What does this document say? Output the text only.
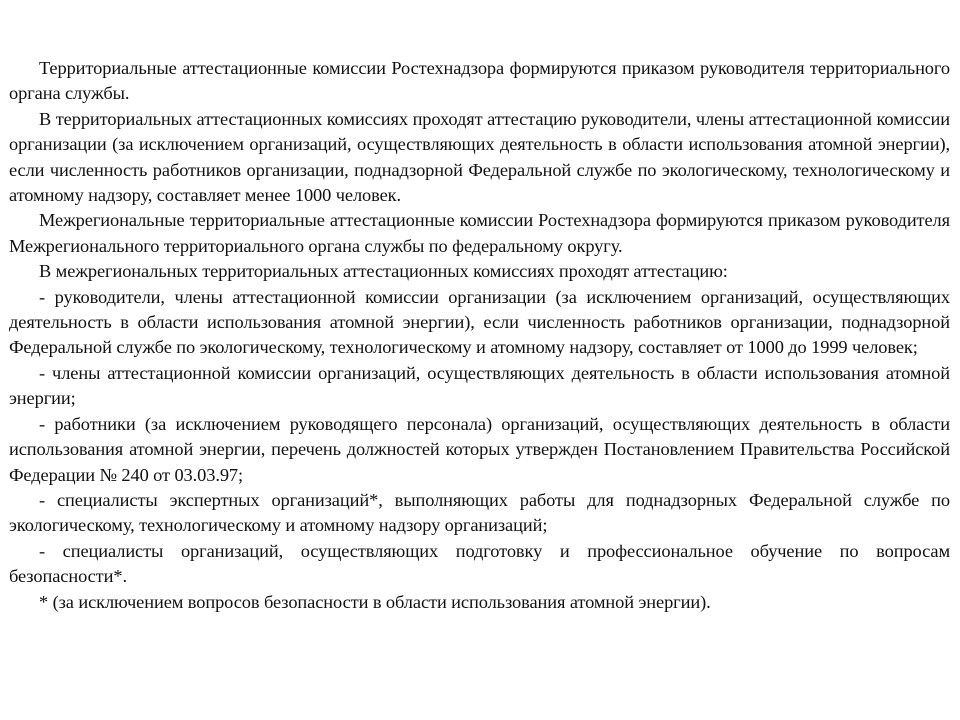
Территориальные аттестационные комиссии Ростехнадзора формируются приказом руководителя территориального органа службы.

В территориальных аттестационных комиссиях проходят аттестацию руководители, члены аттестационной комиссии организации (за исключением организаций, осуществляющих деятельность в области использования атомной энергии), если численность работников организации, поднадзорной Федеральной службе по экологическому, технологическому и атомному надзору, составляет менее 1000 человек.

Межрегиональные территориальные аттестационные комиссии Ростехнадзора формируются приказом руководителя Межрегионального территориального органа службы по федеральному округу.

В межрегиональных территориальных аттестационных комиссиях проходят аттестацию:

- руководители, члены аттестационной комиссии организации (за исключением организаций, осуществляющих деятельность в области использования атомной энергии), если численность работников организации, поднадзорной Федеральной службе по экологическому, технологическому и атомному надзору, составляет от 1000 до 1999 человек;

- члены аттестационной комиссии организаций, осуществляющих деятельность в области использования атомной энергии;

- работники (за исключением руководящего персонала) организаций, осуществляющих деятельность в области использования атомной энергии, перечень должностей которых утвержден Постановлением Правительства Российской Федерации № 240 от 03.03.97;

- специалисты экспертных организаций*, выполняющих работы для поднадзорных Федеральной службе по экологическому, технологическому и атомному надзору организаций;

- специалисты организаций, осуществляющих подготовку и профессиональное обучение по вопросам безопасности*.

* (за исключением вопросов безопасности в области использования атомной энергии).
